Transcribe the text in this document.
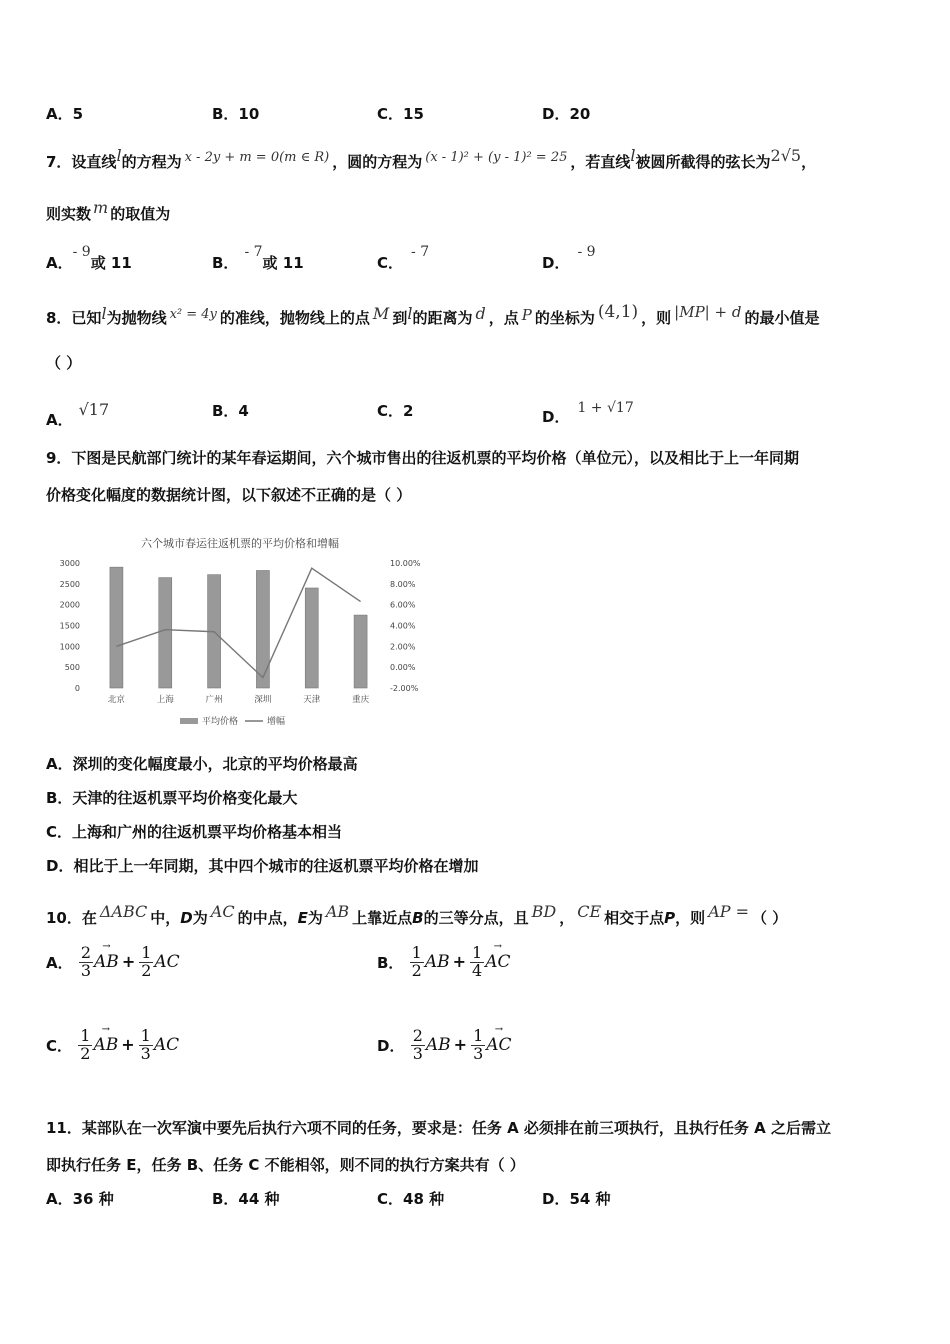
A．5	B．10	C．15	D．20
7．设直线l的方程为 x - 2y + m = 0(m ∈ R) ，圆的方程为 (x - 1)² + (y - 1)² = 25 ，若直线l被圆所截得的弦长为2√5，
则实数 m 的取值为
A．- 9或 11	B．- 7或 11	C．- 7
D．- 9
8．已知l为抛物线 x² = 4y 的准线，抛物线上的点 M 到l的距离为 d ，点 P 的坐标为 (4,1) ，则 |MP| + d 的最小值是
（ ）
A．√17	B．4	C．2	D． 1 + √17
9．下图是民航部门统计的某年春运期间，六个城市售出的往返机票的平均价格（单位元），以及相比于上一年同期
价格变化幅度的数据统计图，以下叙述不正确的是（ ）
六个城市春运往返机票的平均价格和增幅
0
500
1000
1500
2000
2500
3000
-2.00%
0.00%
2.00%
4.00%
6.00%
8.00%
10.00%
北京	上海	广州	深圳	天津	重庆
平均价格	增幅
A．深圳的变化幅度最小，北京的平均价格最高
B．天津的往返机票平均价格变化最大
C．上海和广州的往返机票平均价格基本相当
D．相比于上一年同期，其中四个城市的往返机票平均价格在增加
10．在 ΔABC 中，D为 AC 的中点，E为 AB 上靠近点B的三等分点，且 BD ， CE 相交于点P，则 AP = （ ）
A． $\frac{2}{3}$ →
AB + $\frac{1}{2}$ AC	B． $\frac{1}{2}$ AB + $\frac{1}{4}$ →
AC
C． $\frac{1}{2}$ →
AB + $\frac{1}{3}$ AC	D． $\frac{2}{3}$ AB + $\frac{1}{3}$ →
AC
11．某部队在一次军演中要先后执行六项不同的任务，要求是：任务 A 必须排在前三项执行，且执行任务 A 之后需立
即执行任务 E，任务 B、任务 C 不能相邻，则不同的执行方案共有（ ）
A．36 种	B．44 种	C．48 种	D．54 种
